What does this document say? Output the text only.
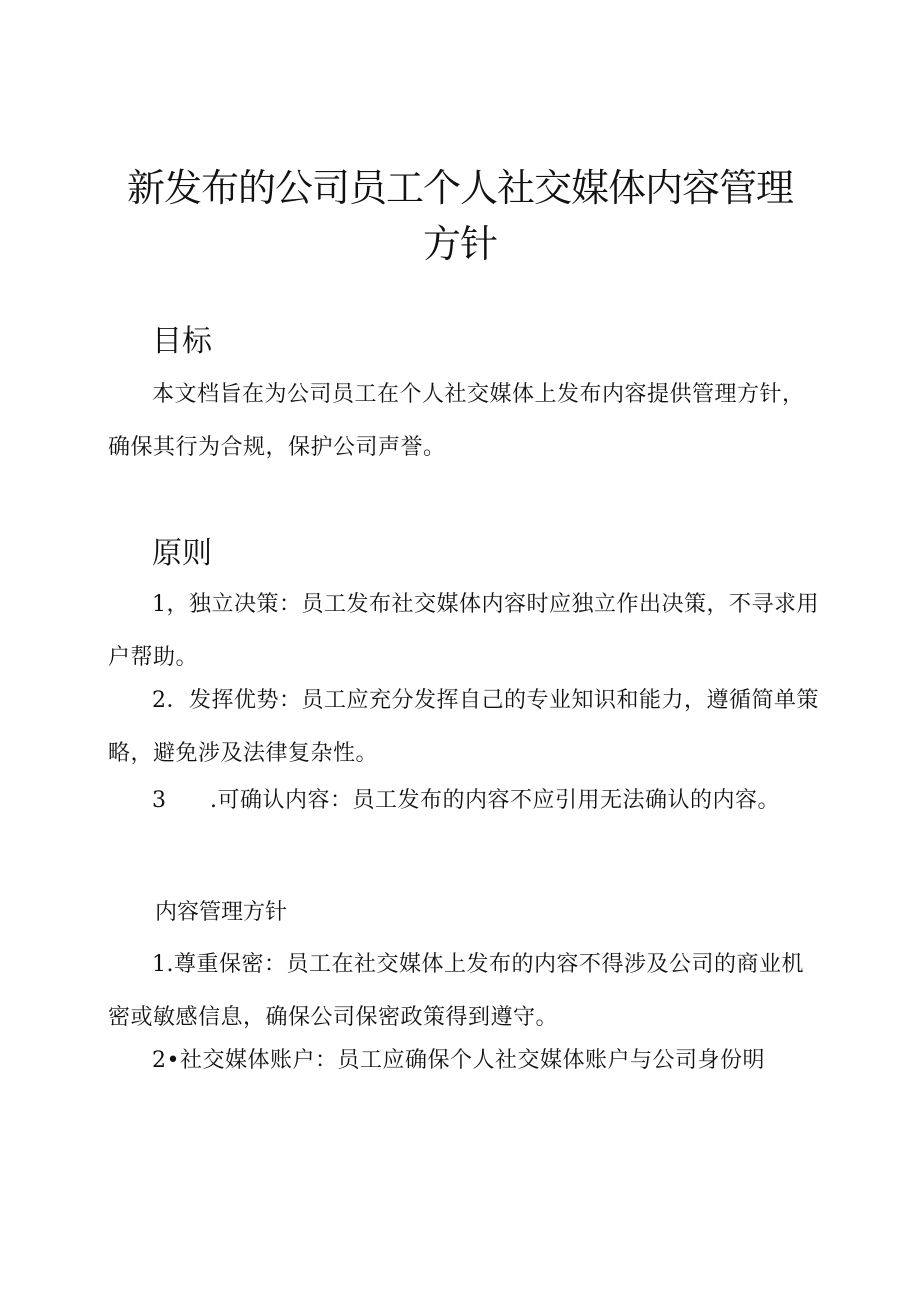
新发布的公司员工个人社交媒体内容管理方针
目标

本文档旨在为公司员工在个人社交媒体上发布内容提供管理方针，确保其行为合规，保护公司声誉。

原则

1，独立决策：员工发布社交媒体内容时应独立作出决策，不寻求用户帮助。

2．发挥优势：员工应充分发挥自己的专业知识和能力，遵循简单策略，避免涉及法律复杂性。

3 .可确认内容：员工发布的内容不应引用无法确认的内容。

内容管理方针

1.尊重保密：员工在社交媒体上发布的内容不得涉及公司的商业机密或敏感信息，确保公司保密政策得到遵守。

2•社交媒体账户：员工应确保个人社交媒体账户与公司身份明
